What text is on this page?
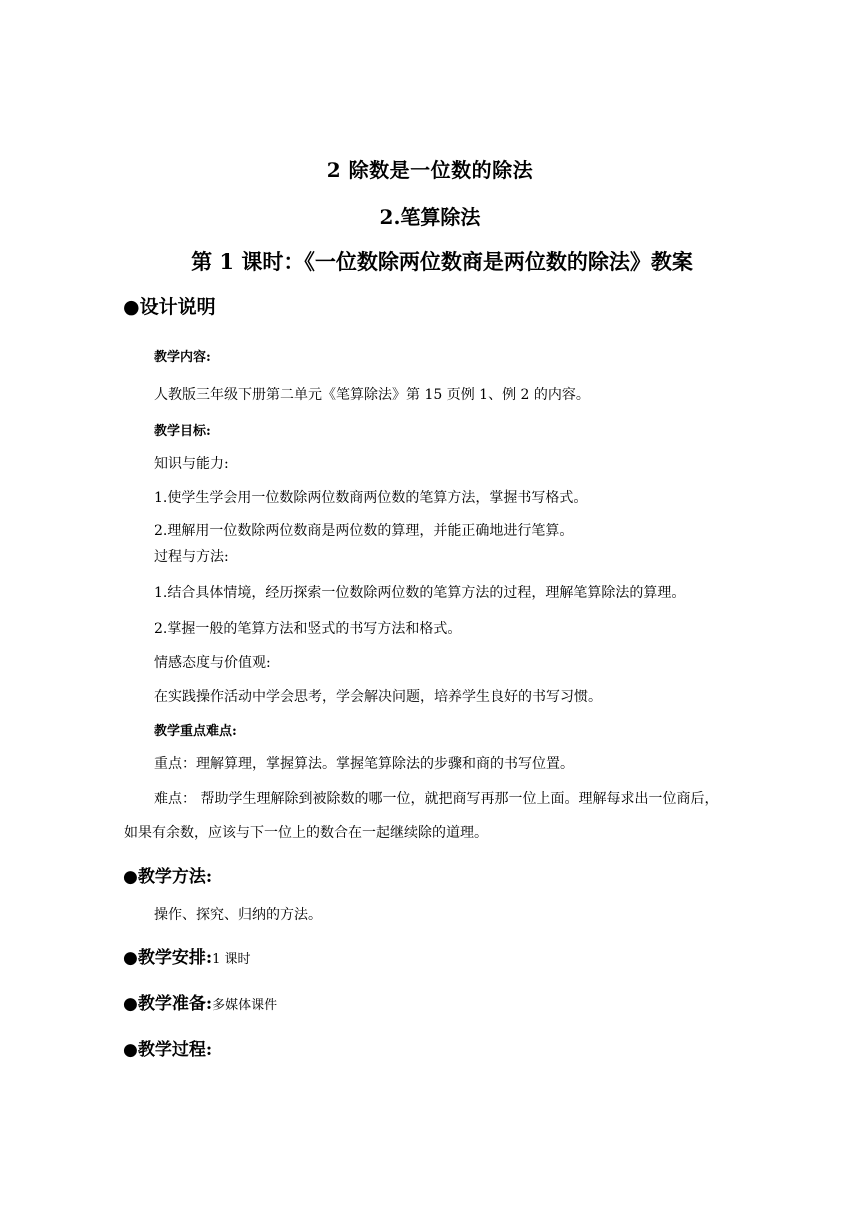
2 除数是一位数的除法
2.笔算除法
第 1 课时：《一位数除两位数商是两位数的除法》教案
●设计说明
教学内容:
人教版三年级下册第二单元《笔算除法》第 15 页例 1、例 2 的内容。
教学目标:
知识与能力:
1.使学生学会用一位数除两位数商两位数的笔算方法，掌握书写格式。
2.理解用一位数除两位数商是两位数的算理，并能正确地进行笔算。
过程与方法:
1.结合具体情境，经历探索一位数除两位数的笔算方法的过程，理解笔算除法的算理。
2.掌握一般的笔算方法和竖式的书写方法和格式。
情感态度与价值观:
在实践操作活动中学会思考，学会解决问题，培养学生良好的书写习惯。
教学重点难点:
重点：理解算理，掌握算法。掌握笔算除法的步骤和商的书写位置。
难点： 帮助学生理解除到被除数的哪一位，就把商写再那一位上面。理解每求出一位商后，
如果有余数，应该与下一位上的数合在一起继续除的道理。
●教学方法:
操作、探究、归纳的方法。
●教学安排:1 课时
●教学准备:多媒体课件
●教学过程:
